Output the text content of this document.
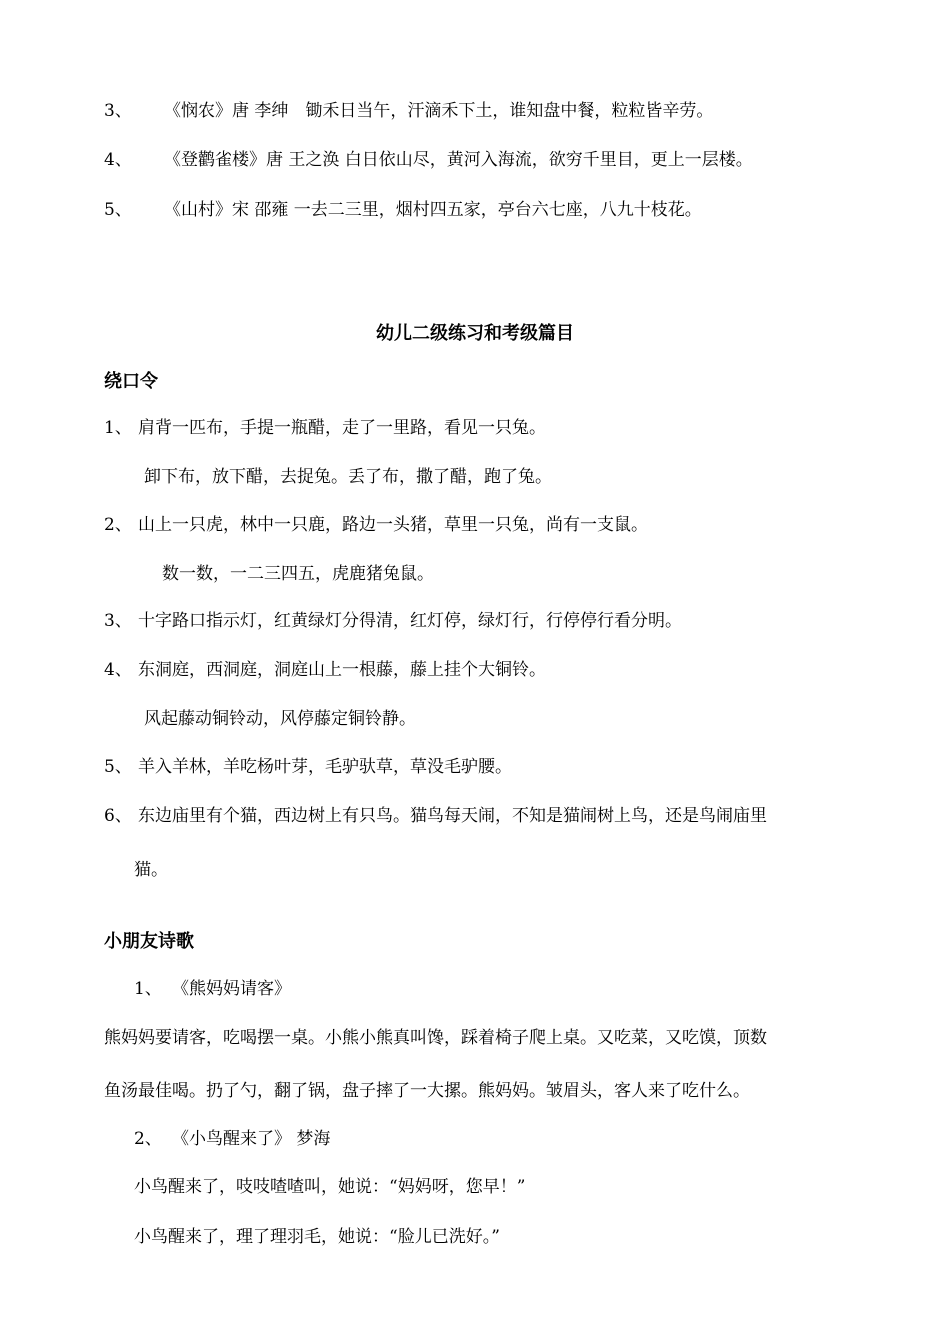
3、 《悯农》唐 李绅　锄禾日当午，汗滴禾下土，谁知盘中餐，粒粒皆辛劳。
4、 《登鹳雀楼》唐 王之涣 白日依山尽，黄河入海流，欲穷千里目，更上一层楼。
5、 《山村》宋 邵雍 一去二三里，烟村四五家，亭台六七座，八九十枝花。
幼儿二级练习和考级篇目
绕口令
1、 肩背一匹布，手提一瓶醋，走了一里路，看见一只兔。
卸下布，放下醋，去捉兔。丢了布，撒了醋，跑了兔。
2、 山上一只虎，林中一只鹿，路边一头猪，草里一只兔，尚有一支鼠。
数一数，一二三四五，虎鹿猪兔鼠。
3、 十字路口指示灯，红黄绿灯分得清，红灯停，绿灯行，行停停行看分明。
4、 东洞庭，西洞庭，洞庭山上一根藤，藤上挂个大铜铃。
风起藤动铜铃动，风停藤定铜铃静。
5、 羊入羊林，羊吃杨叶芽，毛驴驮草，草没毛驴腰。
6、 东边庙里有个猫，西边树上有只鸟。猫鸟每天闹，不知是猫闹树上鸟，还是鸟闹庙里
猫。
小朋友诗歌
1、 《熊妈妈请客》
熊妈妈要请客，吃喝摆一桌。小熊小熊真叫馋，踩着椅子爬上桌。又吃菜，又吃馍，顶数
鱼汤最佳喝。扔了勺，翻了锅，盘子摔了一大摞。熊妈妈。皱眉头，客人来了吃什么。
2、 《小鸟醒来了》 梦海
小鸟醒来了，吱吱喳喳叫，她说：“妈妈呀，您早！”
小鸟醒来了，理了理羽毛，她说：“脸儿已洗好。”
